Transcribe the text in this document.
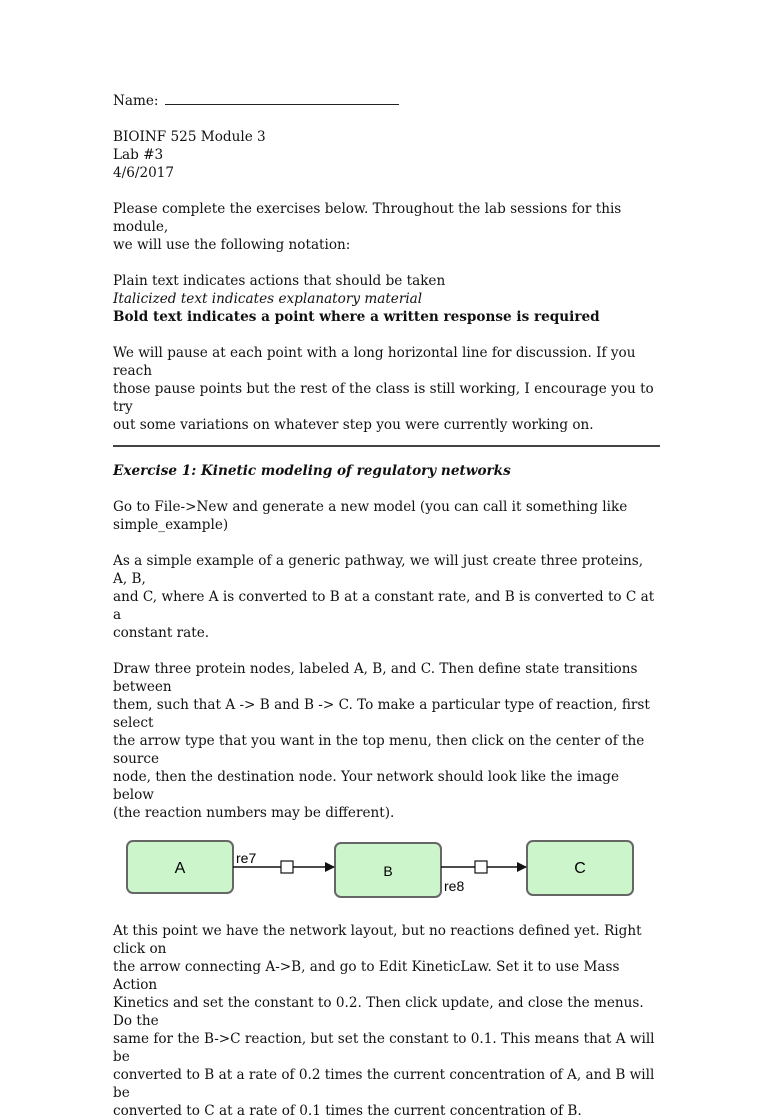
Name:

BIOINF 525 Module 3

Lab #3

4/6/2017

Please complete the exercises below. Throughout the lab sessions for this module,

we will use the following notation:

Plain text indicates actions that should be taken

Italicized text indicates explanatory material

Bold text indicates a point where a written response is required

We will pause at each point with a long horizontal line for discussion. If you reach

those pause points but the rest of the class is still working, I encourage you to try

out some variations on whatever step you were currently working on.

Exercise 1: Kinetic modeling of regulatory networks

Go to File->New and generate a new model (you can call it something like

simple_example)

As a simple example of a generic pathway, we will just create three proteins, A, B,

and C, where A is converted to B at a constant rate, and B is converted to C at a

constant rate.

Draw three protein nodes, labeled A, B, and C. Then define state transitions between

them, such that A -> B and B -> C. To make a particular type of reaction, first select

the arrow type that you want in the top menu, then click on the center of the source

node, then the destination node. Your network should look like the image below

(the reaction numbers may be different).

A	B	C
re7
re8

At this point we have the network layout, but no reactions defined yet. Right click on

the arrow connecting A->B, and go to Edit KineticLaw. Set it to use Mass Action

Kinetics and set the constant to 0.2. Then click update, and close the menus. Do the

same for the B->C reaction, but set the constant to 0.1. This means that A will be

converted to B at a rate of 0.2 times the current concentration of A, and B will be

converted to C at a rate of 0.1 times the current concentration of B.
